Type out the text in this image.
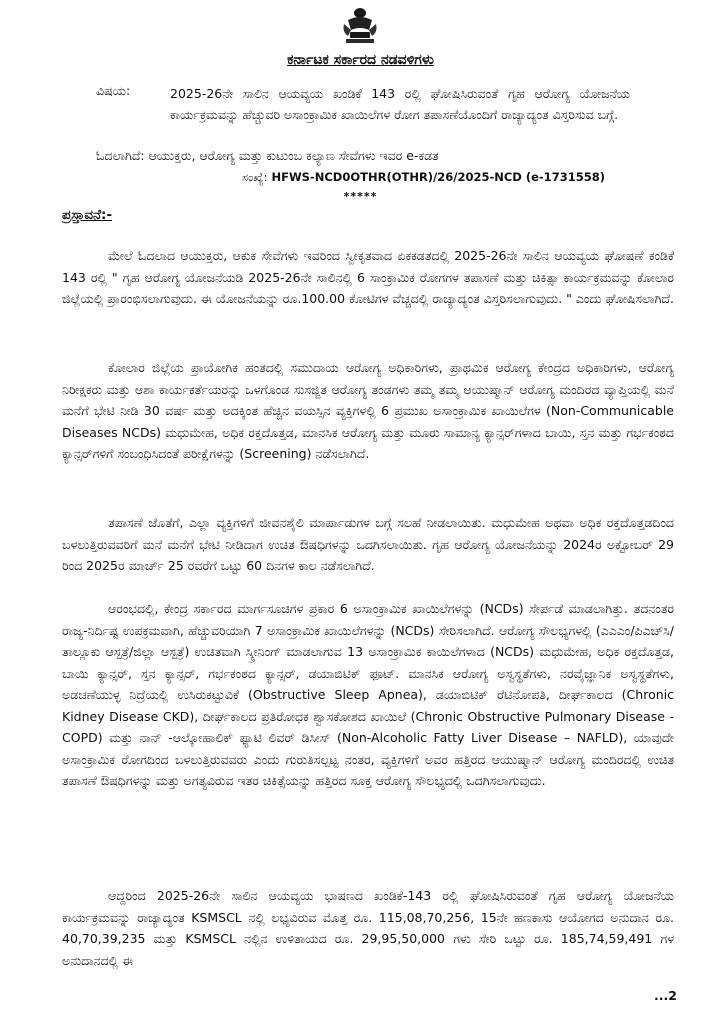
ಕರ್ನಾಟಕ ಸರ್ಕಾರದ ನಡವಳಿಗಳು
ವಿಷಯ:	2025-26ನೇ ಸಾಲಿನ ಆಯವ್ಯಯ ಖಂಡಿಕೆ 143 ರಲ್ಲಿ ಘೋಷಿಸಿರುವಂತೆ ಗೃಹ ಆರೋಗ್ಯ ಯೋಜನೆಯ ಕಾರ್ಯಕ್ರಮವನ್ನು ಹೆಚ್ಚುವರಿ ಅಸಾಂಕ್ರಾಮಿಕ ಖಾಯಿಲೆಗಳ ರೋಗ ತಪಾಸಣೆಯೊಂದಿಗೆ ರಾಜ್ಯಾದ್ಯಂತ ವಿಸ್ತರಿಸುವ ಬಗ್ಗೆ.
ಓದಲಾಗಿದೆ: ಆಯುಕ್ತರು, ಆರೋಗ್ಯ ಮತ್ತು ಕುಟುಂಬ ಕಲ್ಯಾಣ ಸೇವೆಗಳು ಇವರ e-ಕಡತ
ಸಂಖ್ಯೆ: HFWS-NCD0OTHR(OTHR)/26/2025-NCD (e-1731558)
*****
ಪ್ರಸ್ತಾವನೆ:-

ಮೇಲೆ ಓದಲಾದ ಆಯುಕ್ತರು, ಆಕುಕ ಸೇವೆಗಳು ಇವರಿಂದ ಸ್ವೀಕೃತವಾದ ಏಕಕಡತದಲ್ಲಿ 2025-26ನೇ ಸಾಲಿನ ಆಯವ್ಯಯ ಘೋಷಣೆ ಕಂಡಿಕೆ 143 ರಲ್ಲಿ " ಗೃಹ ಆರೋಗ್ಯ ಯೋಜನೆಯಡಿ 2025-26ನೇ ಸಾಲಿನಲ್ಲಿ 6 ಸಾಂಕ್ರಾಮಿಕ ರೋಗಗಳ ತಪಾಸಣೆ ಮತ್ತು ಚಿಕಿತ್ಸಾ ಕಾರ್ಯಕ್ರಮವನ್ನು ಕೋಲಾರ ಜಿಲ್ಲೆಯಲ್ಲಿ ಪ್ರಾರಂಭಿಸಲಾಗುವುದು. ಈ ಯೋಜನೆಯನ್ನು ರೂ.100.00 ಕೋಟಿಗಳ ವೆಚ್ಚದಲ್ಲಿ ರಾಜ್ಯಾದ್ಯಂತ ವಿಸ್ತರಿಸಲಾಗುವುದು. " ಎಂದು ಘೋಷಿಸಲಾಗಿದೆ.

ಕೋಲಾರ ಜಿಲ್ಲೆಯ ಪ್ರಾಯೋಗಿಕ ಹಂತದಲ್ಲಿ ಸಮುದಾಯ ಆರೋಗ್ಯ ಅಧಿಕಾರಿಗಳು, ಪ್ರಾಥಮಿಕ ಆರೋಗ್ಯ ಕೇಂದ್ರದ ಅಧಿಕಾರಿಗಳು, ಆರೋಗ್ಯ ನಿರೀಕ್ಷಕರು ಮತ್ತು ಆಶಾ ಕಾರ್ಯಕರ್ತೆಯರನ್ನು ಒಳಗೊಂಡ ಸುಸಜ್ಜಿತ ಆರೋಗ್ಯ ತಂಡಗಳು ತಮ್ಮ ತಮ್ಮ ಆಯುಷ್ಮಾನ್ ಆರೋಗ್ಯ ಮಂದಿರದ ವ್ಯಾಪ್ತಿಯಲ್ಲಿ ಮನೆ ಮನೆಗೆ ಭೇಟಿ ನೀಡಿ 30 ವರ್ಷ ಮತ್ತು ಅದಕ್ಕಿಂತ ಹೆಚ್ಚಿನ ವಯಸ್ಸಿನ ವ್ಯಕ್ತಿಗಳಲ್ಲಿ 6 ಪ್ರಮುಖ ಅಸಾಂಕ್ರಾಮಿಕ ಖಾಯಿಲೆಗಳ (Non-Communicable Diseases NCDs) ಮಧುಮೇಹ, ಅಧಿಕ ರಕ್ತದೊತ್ತಡ, ಮಾನಸಿಕ ಆರೋಗ್ಯ ಮತ್ತು ಮೂರು ಸಾಮಾನ್ಯ ಕ್ಯಾನ್ಸರ್‌ಗಳಾದ ಬಾಯಿ, ಸ್ತನ ಮತ್ತು ಗರ್ಭಕಂಠದ ಕ್ಯಾನ್ಸರ್‌ಗಳಿಗೆ ಸಂಬಂಧಿಸಿದಂತೆ ಪರೀಕ್ಷೆಗಳನ್ನು (Screening) ನಡೆಸಲಾಗಿದೆ.

ತಪಾಸಣೆ ಜೊತೆಗೆ, ಎಲ್ಲಾ ವ್ಯಕ್ತಿಗಳಿಗೆ ಜೀವನಶೈಲಿ ಮಾರ್ಪಾಡುಗಳ ಬಗ್ಗೆ ಸಲಹೆ ನೀಡಲಾಯಿತು. ಮಧುಮೇಹ ಅಥವಾ ಅಧಿಕ ರಕ್ತದೊತ್ತಡದಿಂದ ಬಳಲುತ್ತಿರುವವರಿಗೆ ಮನೆ ಮನೆಗೆ ಭೇಟಿ ನೀಡಿದಾಗ ಉಚಿತ ಔಷಧಿಗಳನ್ನು ಒದಗಿಸಲಾಯಿತು. ಗೃಹ ಆರೋಗ್ಯ ಯೋಜನೆಯನ್ನು 2024ರ ಅಕ್ಟೋಬರ್ 29 ರಿಂದ 2025ರ ಮಾರ್ಚ್ 25 ರವರೆಗೆ ಒಟ್ಟು 60 ದಿನಗಳ ಕಾಲ ನಡೆಸಲಾಗಿದೆ.

ಆರಂಭದಲ್ಲಿ, ಕೇಂದ್ರ ಸರ್ಕಾರದ ಮಾರ್ಗಸೂಚಿಗಳ ಪ್ರಕಾರ 6 ಅಸಾಂಕ್ರಾಮಿಕ ಖಾಯಿಲೆಗಳನ್ನು (NCDs) ಸೇರ್ಪಡೆ ಮಾಡಲಾಗಿತ್ತು. ತದನಂತರ ರಾಜ್ಯ-ನಿರ್ದಿಷ್ಟ ಉಪಕ್ರಮವಾಗಿ, ಹೆಚ್ಚುವರಿಯಾಗಿ 7 ಅಸಾಂಕ್ರಾಮಿಕ ಖಾಯಿಲೆಗಳನ್ನು (NCDs) ಸೇರಿಸಲಾಗಿದೆ. ಆರೋಗ್ಯ ಸೌಲಭ್ಯಗಳಲ್ಲಿ (ಎಎಎಂ/ಪಿಎಚ್‌ಸಿ/ತಾಲ್ಲೂಕು ಆಸ್ಪತ್ರೆ/ಜಿಲ್ಲಾ ಆಸ್ಪತ್ರೆ) ಉಚಿತವಾಗಿ ಸ್ಕ್ರೀನಿಂಗ್ ಮಾಡಲಾಗುವ 13 ಅಸಾಂಕ್ರಾಮಿಕ ಕಾಯಿಲೆಗಳಾದ (NCDs) ಮಧುಮೇಹ, ಅಧಿಕ ರಕ್ತದೊತ್ತಡ, ಬಾಯಿ ಕ್ಯಾನ್ಸರ್, ಸ್ತನ ಕ್ಯಾನ್ಸರ್, ಗರ್ಭಕಂಠದ ಕ್ಯಾನ್ಸರ್, ಡಯಾಬಿಟಿಕ್ ಫೂಟ್. ಮಾನಸಿಕ ಆರೋಗ್ಯ ಅಸ್ವಸ್ಥತೆಗಳು, ನರವೈಜ್ಞಾನಿಕ ಅಸ್ವಸ್ಥತೆಗಳು, ಅಡಚಣೆಯುಳ್ಳ ನಿದ್ರೆಯಲ್ಲಿ ಉಸಿರುಕಟ್ಟುವಿಕೆ (Obstructive Sleep Apnea), ಡಯಾಬಿಟಿಕ್ ರೆಟಿನೋಪತಿ, ದೀರ್ಘಕಾಲದ (Chronic Kidney Disease CKD), ದೀರ್ಘಕಾಲದ ಪ್ರತಿರೋಧಕ ಶ್ವಾಸಕೋಶದ ಖಾಯಿಲೆ (Chronic Obstructive Pulmonary Disease - COPD) ಮತ್ತು ನಾನ್ -ಆಲ್ಕೋಹಾಲಿಕ್ ಫ್ಯಾಟಿ ಲಿವರ್ ಡಿಸೀಸ್ (Non-Alcoholic Fatty Liver Disease – NAFLD), ಯಾವುದೇ ಅಸಾಂಕ್ರಾಮಿಕ ರೋಗದಿಂದ ಬಳಲುತ್ತಿರುವವರು ಎಂದು ಗುರುತಿಸಲ್ಪಟ್ಟ ನಂತರ, ವ್ಯಕ್ತಿಗಳಿಗೆ ಅವರ ಹತ್ತಿರದ ಆಯುಷ್ಮಾನ್ ಆರೋಗ್ಯ ಮಂದಿರದಲ್ಲಿ ಉಚಿತ ತಪಾಸಣೆ ಔಷಧಿಗಳನ್ನು ಮತ್ತು ಅಗತ್ಯವಿರುವ ಇತರ ಚಿಕಿತ್ಸೆಯನ್ನು ಹತ್ತಿರದ ಸೂಕ್ತ ಆರೋಗ್ಯ ಸೌಲಭ್ಯದಲ್ಲಿ ಒದಗಿಸಲಾಗುವುದು.

ಆದ್ದರಿಂದ 2025-26ನೇ ಸಾಲಿನ ಆಯವ್ಯಯ ಭಾಷಣದ ಖಂಡಿಕೆ-143 ರಲ್ಲಿ ಘೋಷಿಸಿರುವಂತೆ ಗೃಹ ಆರೋಗ್ಯ ಯೋಜನೆಯ ಕಾರ್ಯಕ್ರಮವನ್ನು ರಾಜ್ಯಾದ್ಯಂತ KSMSCL ನಲ್ಲಿ ಲಭ್ಯವಿರುವ ಮೊತ್ತ ರೂ. 115,08,70,256, 15ನೇ ಹಣಕಾಸು ಆಯೋಗದ ಅನುದಾನ ರೂ. 40,70,39,235 ಮತ್ತು KSMSCL ನಲ್ಲಿನ ಉಳಿತಾಯದ ರೂ. 29,95,50,000 ಗಳು ಸೇರಿ ಒಟ್ಟು ರೂ. 185,74,59,491 ಗಳ ಅನುದಾನದಲ್ಲಿ ಈ

...2
